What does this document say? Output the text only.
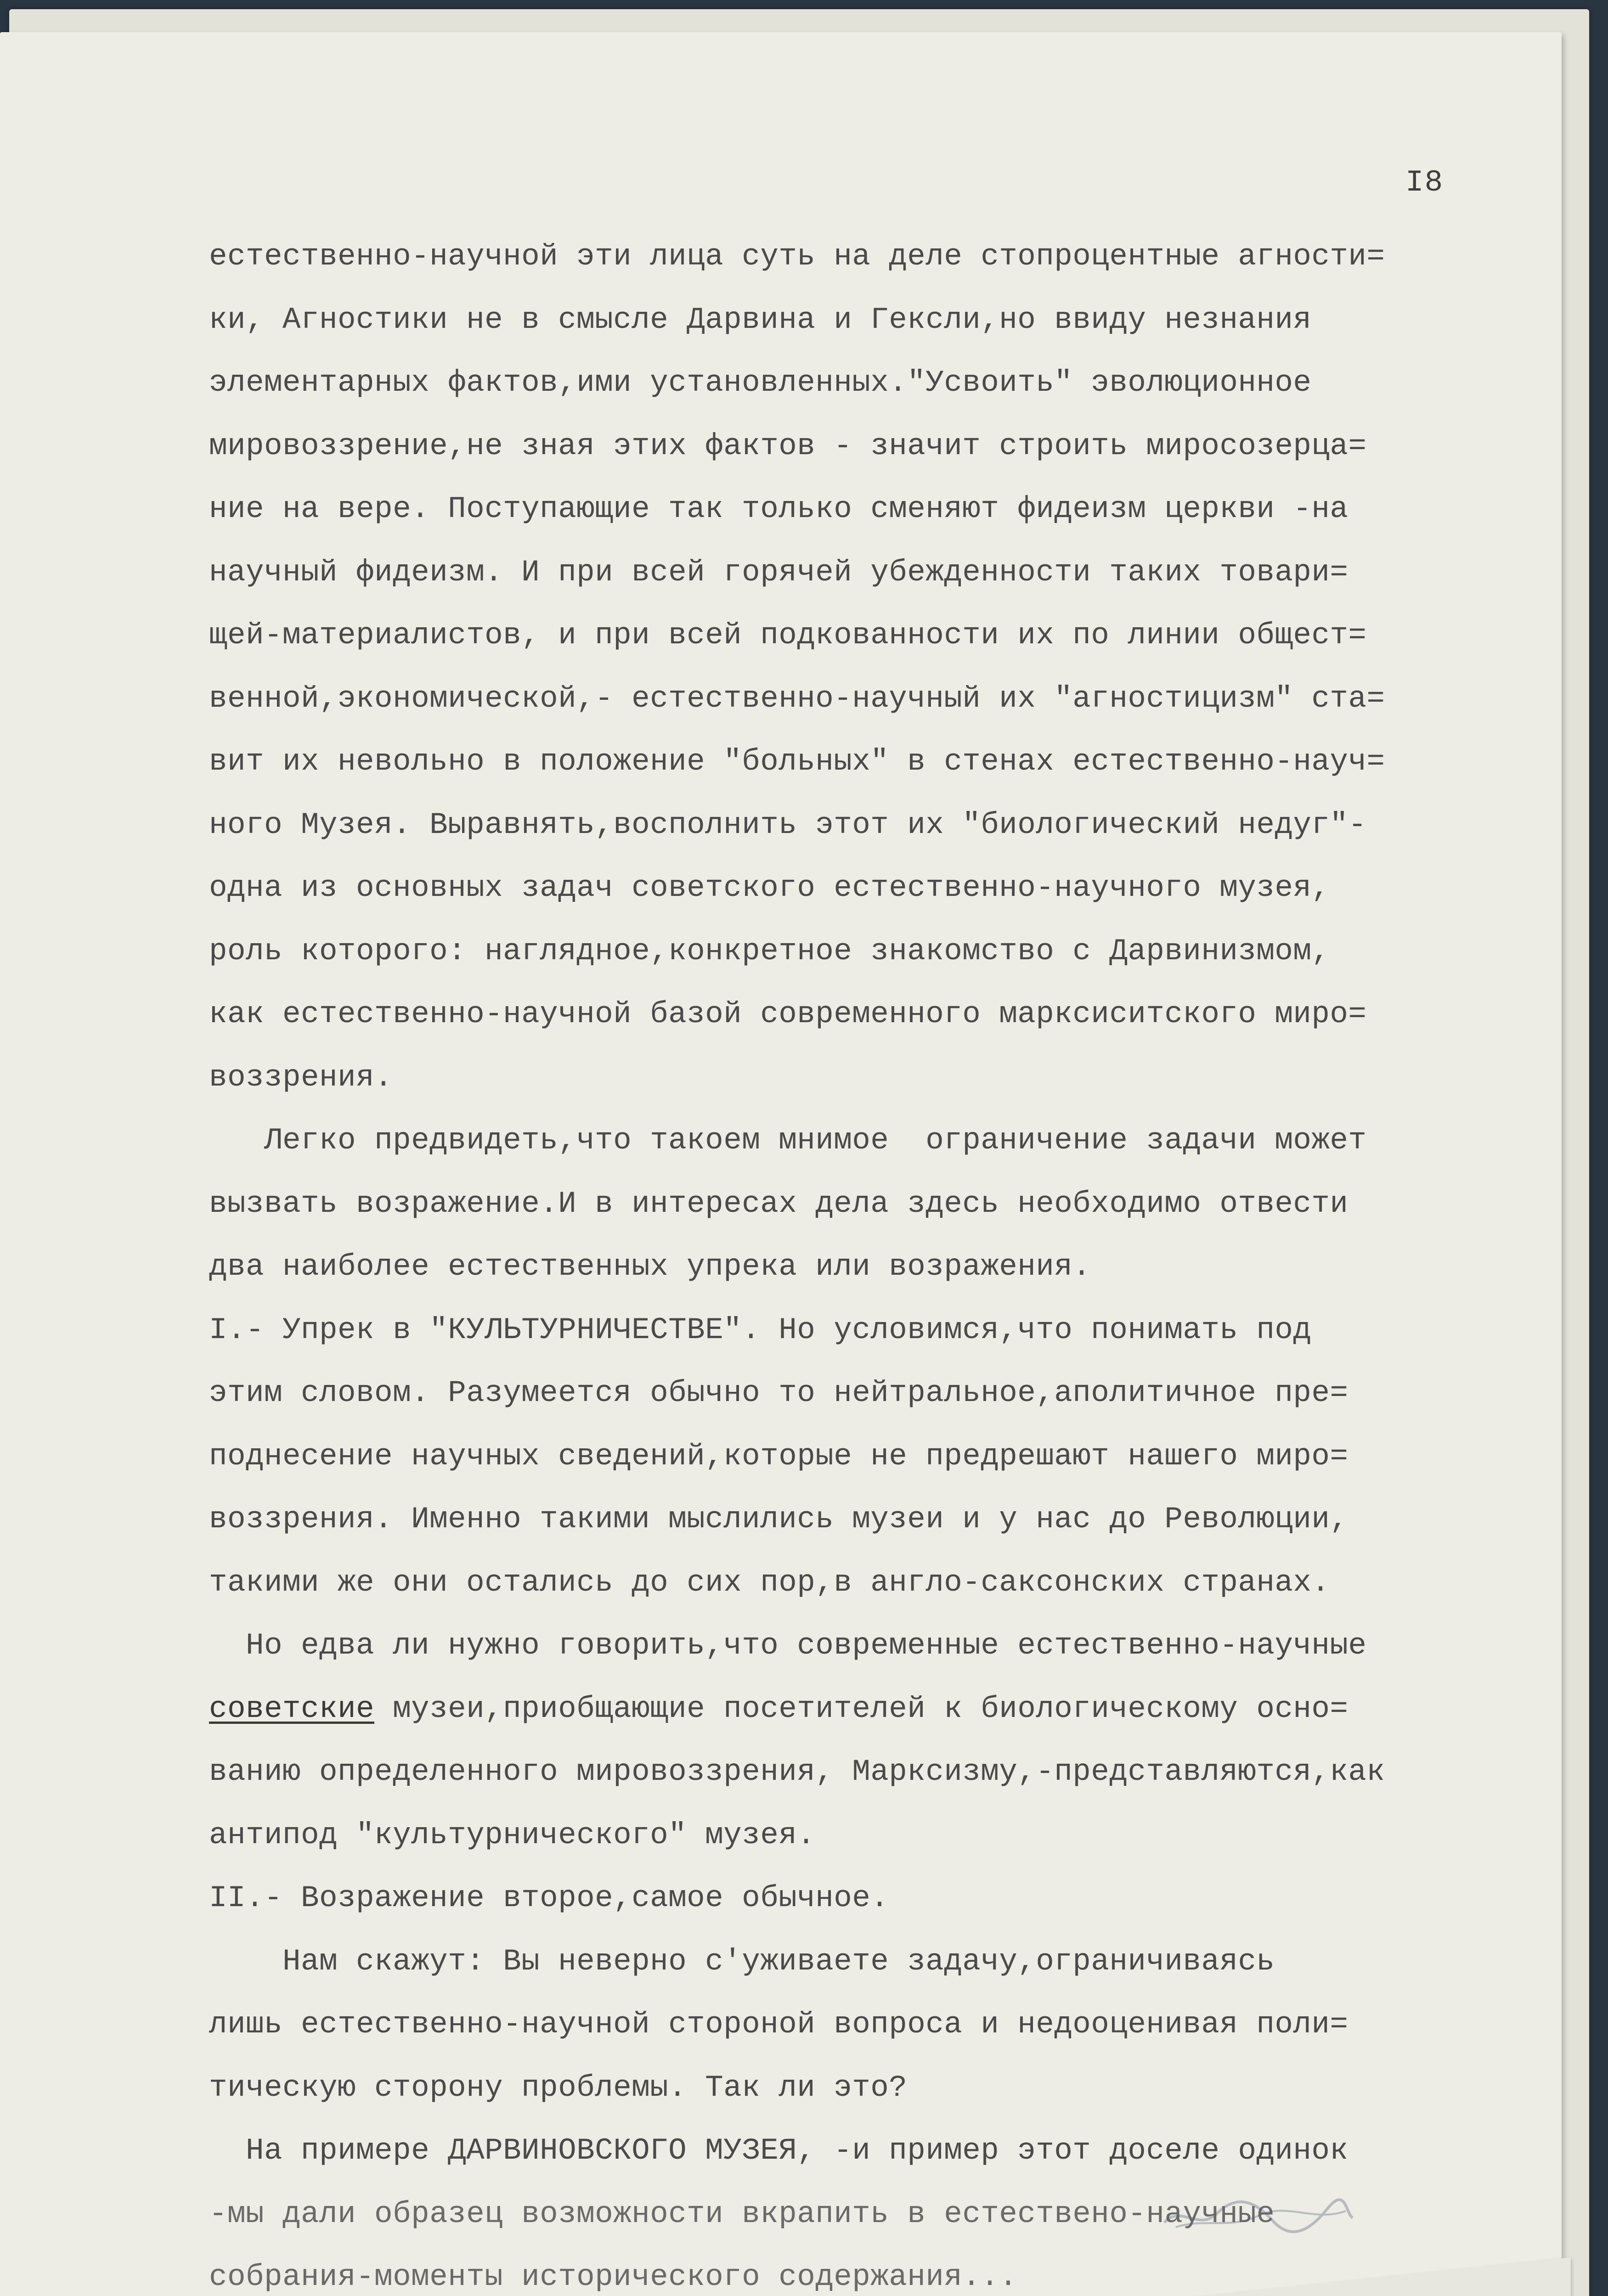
I8
естественно-научной эти лица суть на деле стопроцентные агности=
ки, Агностики не в смысле Дарвина и Гексли,но ввиду незнания
элементарных фактов,ими установленных."Усвоить" эволюционное
мировоззрение,не зная этих фактов - значит строить миросозерца=
ние на вере. Поступающие так только сменяют фидеизм церкви -на
научный фидеизм. И при всей горячей убежденности таких товари=
щей-материалистов, и при всей подкованности их по линии общест=
венной,экономической,- естественно-научный их "агностицизм" ста=
вит их невольно в положение "больных" в стенах естественно-науч=
ного Музея. Выравнять,восполнить этот их "биологический недуг"-
одна из основных задач советского естественно-научного музея,
роль которого: наглядное,конкретное знакомство с Дарвинизмом,
как естественно-научной базой современного марксиситского миро=
воззрения.
Легко предвидеть,что такоем мнимое  ограничение задачи может
вызвать возражение.И в интересах дела здесь необходимо отвести
два наиболее естественных упрека или возражения.
I.- Упрек в "КУЛЬТУРНИЧЕСТВЕ". Но условимся,что понимать под
этим словом. Разумеется обычно то нейтральное,аполитичное пре=
поднесение научных сведений,которые не предрешают нашего миро=
воззрения. Именно такими мыслились музеи и у нас до Революции,
такими же они остались до сих пор,в англо-саксонских странах.
Но едва ли нужно говорить,что современные естественно-научные
советские музеи,приобщающие посетителей к биологическому осно=
ванию определенного мировоззрения, Марксизму,-представляются,как
антипод "культурнического" музея.
II.- Возражение второе,самое обычное.
Нам скажут: Вы неверно с'уживаете задачу,ограничиваясь
лишь естественно-научной стороной вопроса и недооценивая поли=
тическую сторону проблемы. Так ли это?
На примере ДАРВИНОВСКОГО МУЗЕЯ, -и пример этот доселе одинок
-мы дали образец возможности вкрапить в естествено-научные
собрания-моменты исторического содержания...
